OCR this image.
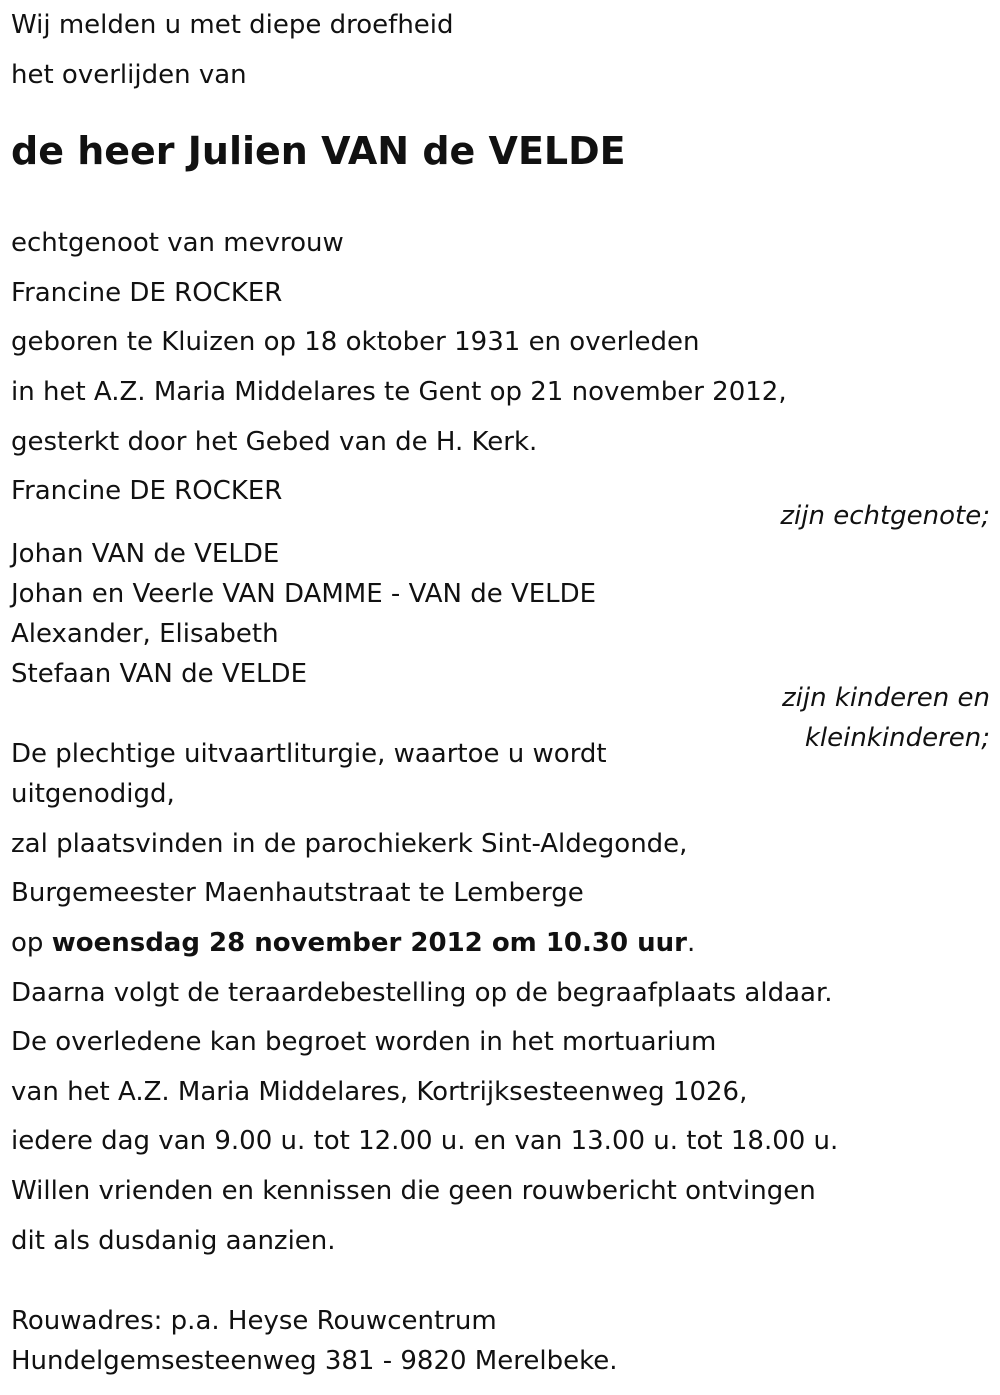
Wij melden u met diepe droefheid
het overlijden van
de heer Julien VAN de VELDE
echtgenoot van mevrouw
Francine DE ROCKER
geboren te Kluizen op 18 oktober 1931 en overleden
in het A.Z. Maria Middelares te Gent op 21 november 2012,
gesterkt door het Gebed van de H. Kerk.
Francine DE ROCKER
zijn echtgenote;
Johan VAN de VELDE
Johan en Veerle VAN DAMME - VAN de VELDE
Alexander, Elisabeth
Stefaan VAN de VELDE
zijn kinderen en
kleinkinderen;
De plechtige uitvaartliturgie, waartoe u wordt
uitgenodigd,
zal plaatsvinden in de parochiekerk Sint-Aldegonde,
Burgemeester Maenhautstraat te Lemberge
op woensdag 28 november 2012 om 10.30 uur.
Daarna volgt de teraardebestelling op de begraafplaats aldaar.
De overledene kan begroet worden in het mortuarium
van het A.Z. Maria Middelares, Kortrijksesteenweg 1026,
iedere dag van 9.00 u. tot 12.00 u. en van 13.00 u. tot 18.00 u.
Willen vrienden en kennissen die geen rouwbericht ontvingen
dit als dusdanig aanzien.
Rouwadres: p.a. Heyse Rouwcentrum
Hundelgemsesteenweg 381 - 9820 Merelbeke.
